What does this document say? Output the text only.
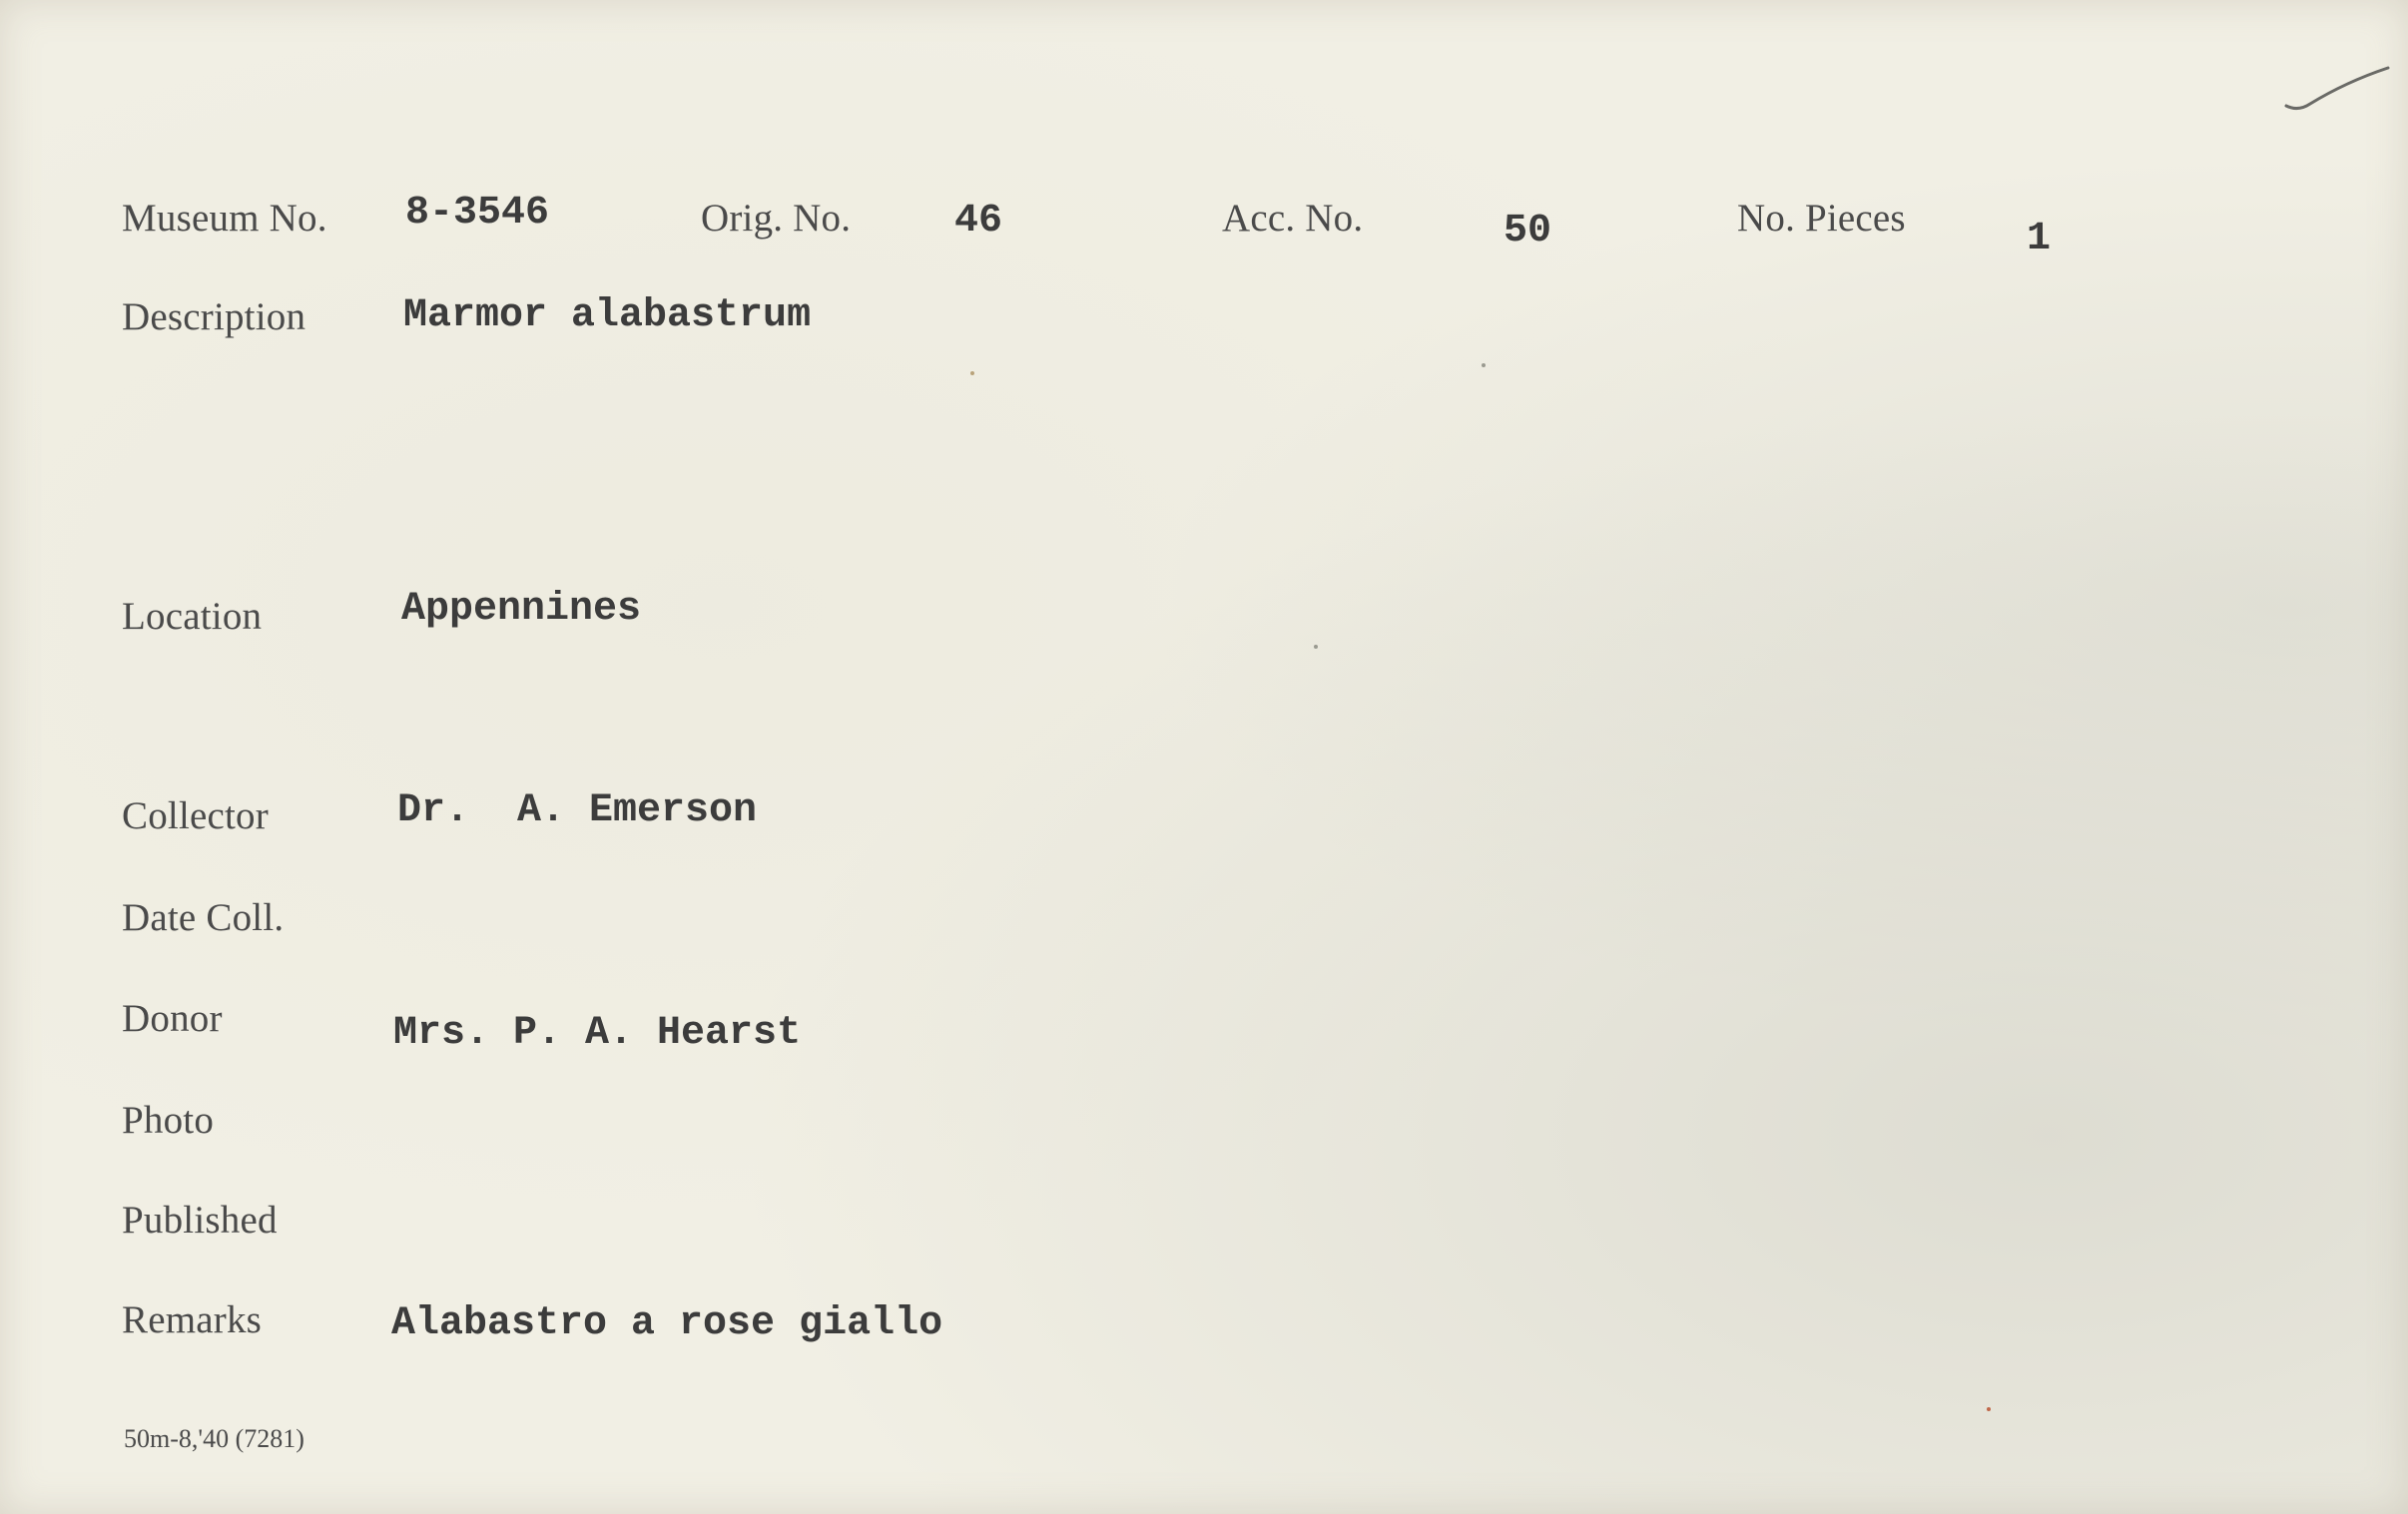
Museum No. 8-3546	Orig. No.	46	Acc. No.	50	No. Pieces	1
Description Marmor alabastrum
Location	Appennines
Collector	Dr.  A. Emerson
Date Coll.
Donor	Mrs. P. A. Hearst
Photo
Published
Remarks	Alabastro a rose giallo
50m-8,'40 (7281)
